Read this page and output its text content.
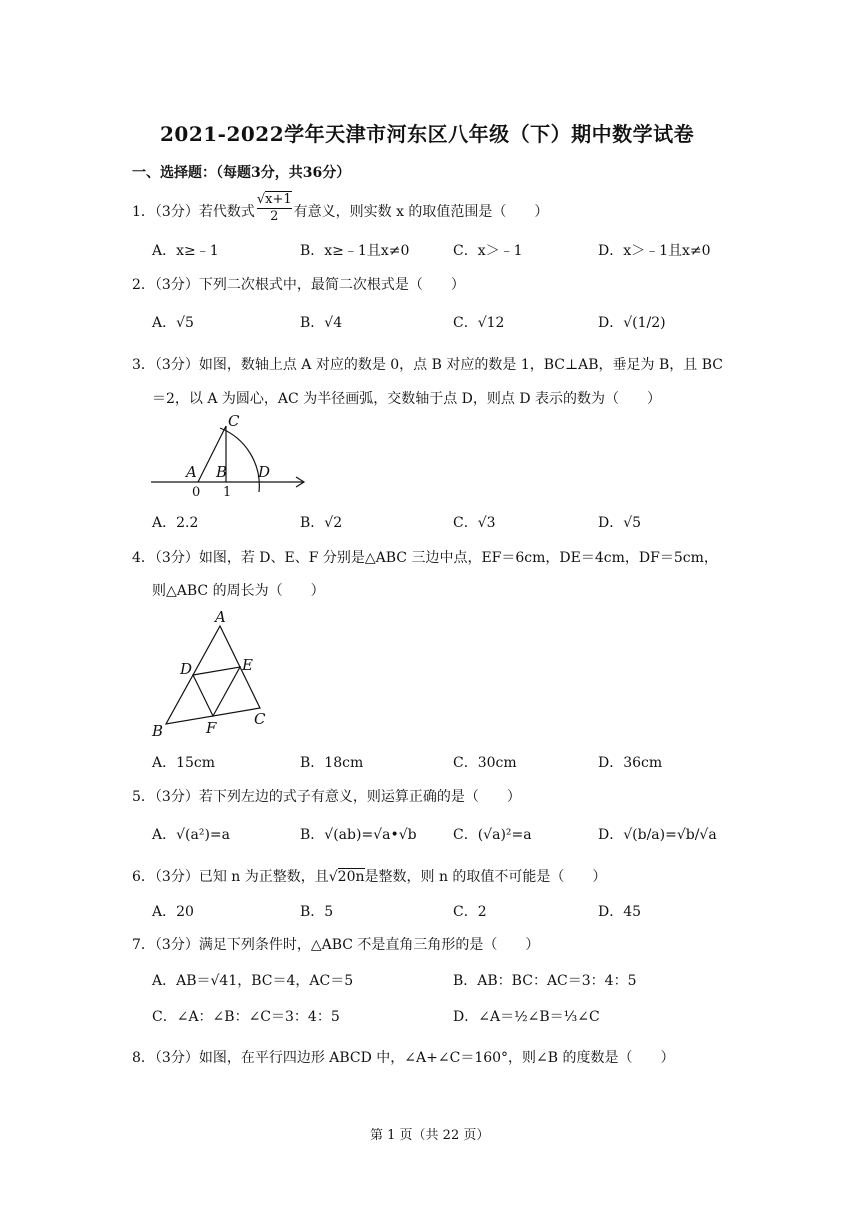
2021-2022学年天津市河东区八年级（下）期中数学试卷
一、选择题：（每题3分，共36分）
1．（3分）若代数式 $\frac{√x+1}{2}$ 有意义，则实数 x 的取值范围是（　　）
A．x≥﹣1	B．x≥﹣1且x≠0	C．x＞﹣1	D．x＞﹣1且x≠0
2．（3分）下列二次根式中，最简二次根式是（　　）
A．√5	B．√4	C．√12	D．√(1/2)
3．（3分）如图，数轴上点 A 对应的数是 0，点 B 对应的数是 1，BC⊥AB，垂足为 B，且 BC
＝2，以 A 为圆心，AC 为半径画弧，交数轴于点 D，则点 D 表示的数为（　　）
C
A B D
0 1
A．2.2	B．√2	C．√3	D．√5
4．（3分）如图，若 D、E、F 分别是△ABC 三边中点，EF＝6cm，DE＝4cm，DF＝5cm，
则△ABC 的周长为（　　）
A
D	E
B	F	C
A．15cm	B．18cm	C．30cm	D．36cm
5．（3分）若下列左边的式子有意义，则运算正确的是（　　）
A．√(a²)=a	B．√(ab)=√a•√b	C．(√a)²=a	D．√(b/a)=√b/√a
6．（3分）已知 n 为正整数，且√20n是整数，则 n 的取值不可能是（　　）
A．20	B．5	C．2	D．45
7．（3分）满足下列条件时，△ABC 不是直角三角形的是（　　）
A．AB＝√41，BC＝4，AC＝5	B．AB：BC：AC＝3：4：5
C．∠A：∠B：∠C＝3：4：5	D．∠A＝½∠B＝⅓∠C
8．（3分）如图，在平行四边形 ABCD 中，∠A+∠C＝160°，则∠B 的度数是（　　）
第 1 页（共 22 页）
